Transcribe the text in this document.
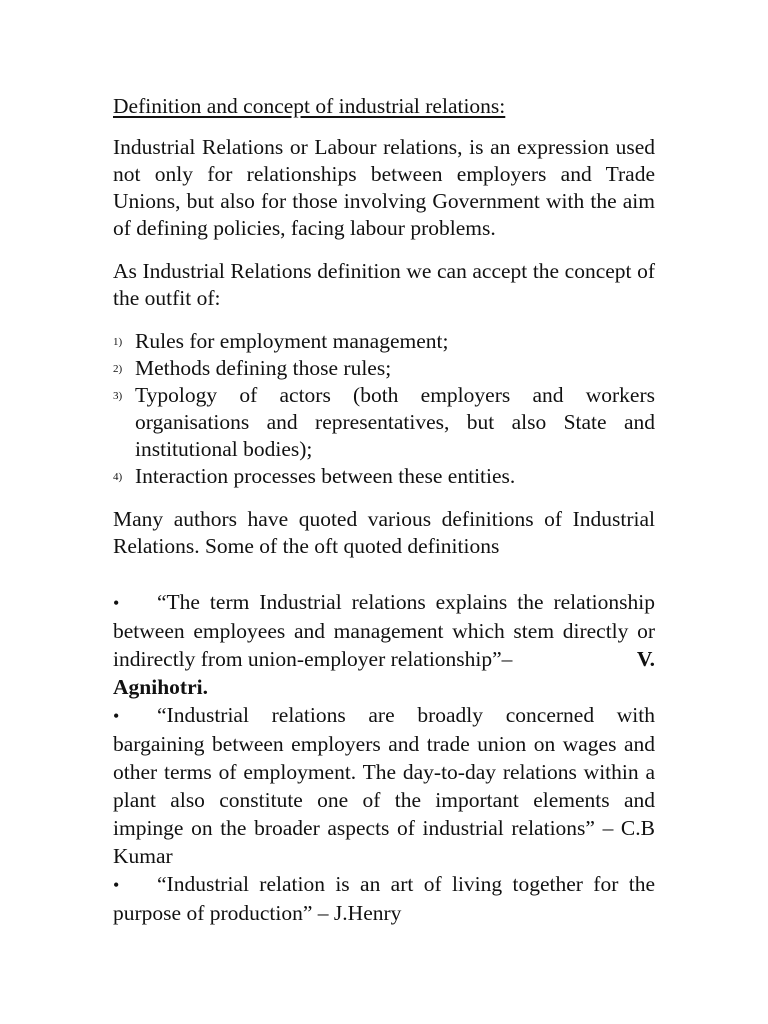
Definition and concept of industrial relations:

Industrial Relations or Labour relations, is an expression used not only for relationships between employers and Trade Unions, but also for those involving Government with the aim of defining policies, facing labour problems.

As Industrial Relations definition we can accept the concept of the outfit of:

1) Rules for employment management;
2) Methods defining those rules;
3) Typology of actors (both employers and workers organisations and representatives, but also State and institutional bodies);
4) Interaction processes between these entities.

Many authors have quoted various definitions of Industrial Relations. Some of the oft quoted definitions

• “The term Industrial relations explains the relationship between employees and management which stem directly or indirectly from union-employer relationship”–	V.

Agnihotri.
• “Industrial relations are broadly concerned with bargaining between employers and trade union on wages and other terms of employment. The day-to-day relations within a plant also constitute one of the important elements and impinge on the broader aspects of industrial relations” – C.B Kumar
• “Industrial relation is an art of living together for the purpose of production” – J.Henry
